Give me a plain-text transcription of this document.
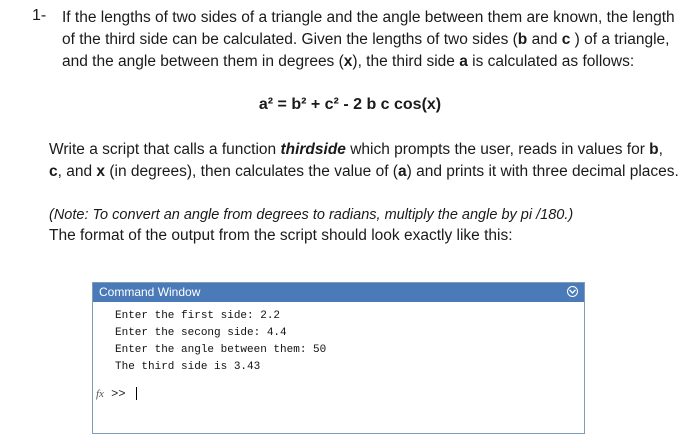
1- If the lengths of two sides of a triangle and the angle between them are known, the length of the third side can be calculated. Given the lengths of two sides (b and c ) of a triangle, and the angle between them in degrees (x), the third side a is calculated as follows:
a² = b² + c² - 2 b c cos(x)
Write a script that calls a function thirdside which prompts the user, reads in values for b, c, and x (in degrees), then calculates the value of (a) and prints it with three decimal places.
(Note: To convert an angle from degrees to radians, multiply the angle by pi /180.)
The format of the output from the script should look exactly like this:
Command Window
Enter the first side: 2.2
Enter the secong side: 4.4
Enter the angle between them: 50
The third side is 3.43
fx >>
